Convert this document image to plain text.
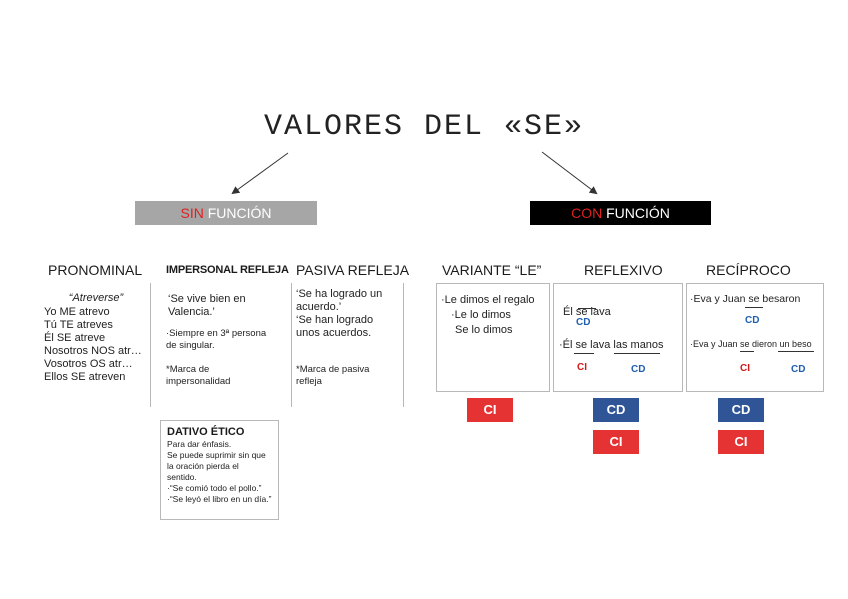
VALORES DEL «SE»
SIN FUNCIÓN	CON FUNCIÓN
PRONOMINAL IMPERSONAL REFLEJA PASIVA REFLEJA VARIANTE “LE”	REFLEXIVO	RECÍPROCO
“Atreverse”
Yo ME atrevo
Tú TE atreves
Él SE atreve
Nosotros NOS atr…
Vosotros OS atr…
Ellos SE atreven
‘Se vive bien en
Valencia.’
·Siempre en 3ª persona
de singular.
*Marca de
impersonalidad
‘Se ha logrado un
acuerdo.’
‘Se han logrado
unos acuerdos.
*Marca de pasiva
refleja
DATIVO ÉTICO
Para dar énfasis.
Se puede suprimir sin que
la oración pierda el
sentido.
·“Se comió todo el pollo.”
·“Se leyó el libro en un día.”
·Le dimos el regalo
·Le lo dimos
Se lo dimos

Él se lava

CD
·Él se lava las manos
CI	CD
·Eva y Juan se besaron
CD
·Eva y Juan se dieron un beso
CI	CD
CI	CD
CI
CD
CI
